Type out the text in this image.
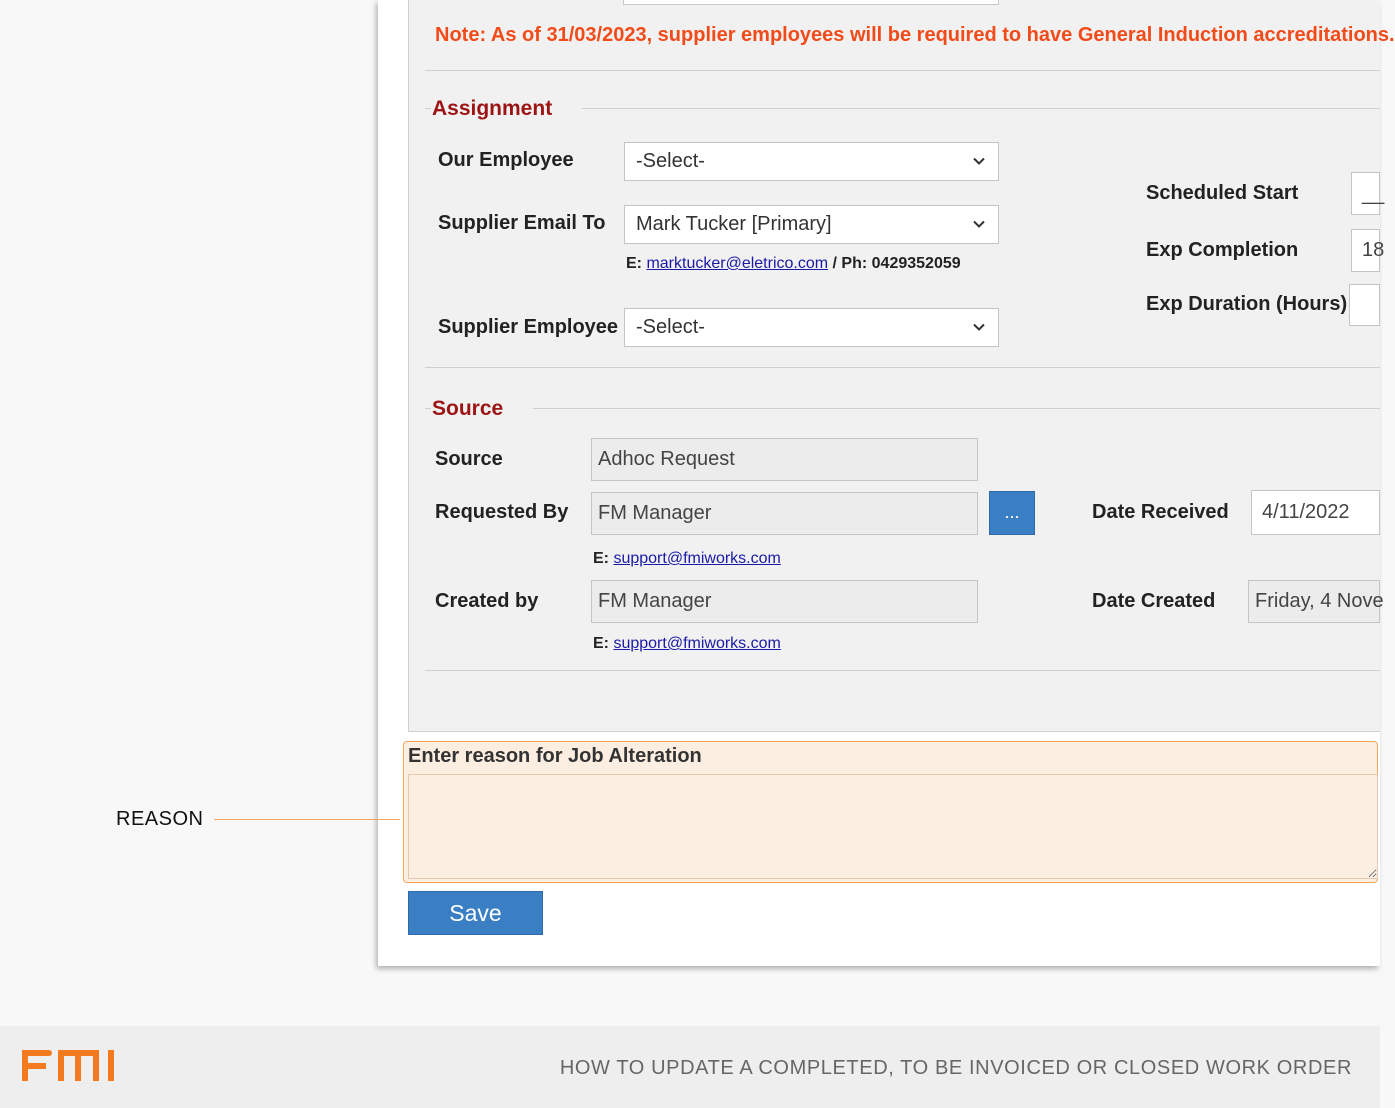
Note: As of 31/03/2023, supplier employees will be required to have General Induction accreditations.
Assignment
Our Employee	-Select-
Supplier Email To	Mark Tucker [Primary]
E: marktucker@eletrico.com / Ph: 0429352059
Supplier Employee -Select-
Scheduled Start	__
Exp Completion	18
Exp Duration (Hours)
Source
Source	Adhoc Request
Requested By	FM Manager	...
E: support@fmiworks.com
Date Received	4/11/2022
Created by	FM Manager
E: support@fmiworks.com
Date Created	Friday, 4 Nove
Enter reason for Job Alteration
Save
REASON
HOW TO UPDATE A COMPLETED, TO BE INVOICED OR CLOSED WORK ORDER
